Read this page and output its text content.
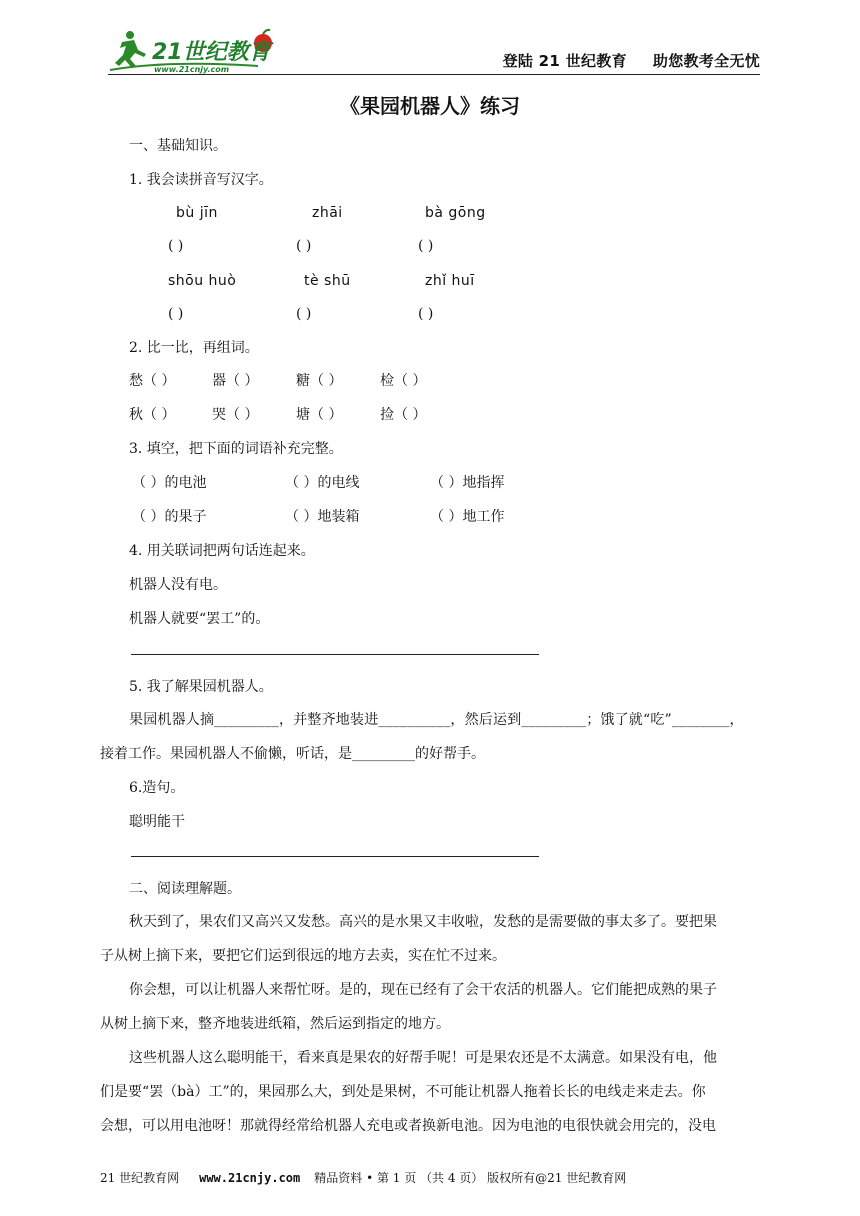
21世纪教育
www.21cnjy.com	登陆 21 世纪教育 助您教考全无忧
《果园机器人》练习
一、基础知识。
1. 我会读拼音写汉字。
bù jīn	zhāi	bà gōng
( )	( )	( )
shōu huò	tè shū	zhǐ huī
( )	( )	( )
2. 比一比，再组词。
愁（ ）	器（ ）	糖（ ）	检（ ）
秋（ ）	哭（ ）	塘（ ）	捡（ ）
3. 填空，把下面的词语补充完整。
（ ）的电池	（ ）的电线	（ ）地指挥
（ ）的果子	（ ）地装箱	（ ）地工作
4. 用关联词把两句话连起来。
机器人没有电。
机器人就要“罢工”的。
5. 我了解果园机器人。
果园机器人摘_________，并整齐地装进__________，然后运到_________；饿了就“吃”________，
接着工作。果园机器人不偷懒，听话，是_________的好帮手。
6.造句。
聪明能干
二、阅读理解题。
秋天到了，果农们又高兴又发愁。高兴的是水果又丰收啦，发愁的是需要做的事太多了。要把果
子从树上摘下来，要把它们运到很远的地方去卖，实在忙不过来。
你会想，可以让机器人来帮忙呀。是的，现在已经有了会干农活的机器人。它们能把成熟的果子
从树上摘下来，整齐地装进纸箱，然后运到指定的地方。
这些机器人这么聪明能干，看来真是果农的好帮手呢！可是果农还是不太满意。如果没有电，他
们是要“罢（bà）工”的，果园那么大，到处是果树，不可能让机器人拖着长长的电线走来走去。你
会想，可以用电池呀！那就得经常给机器人充电或者换新电池。因为电池的电很快就会用完的，没电
21 世纪教育网 www.21cnjy.com 精品资料 • 第 1 页 （共 4 页） 版权所有@21 世纪教育网
